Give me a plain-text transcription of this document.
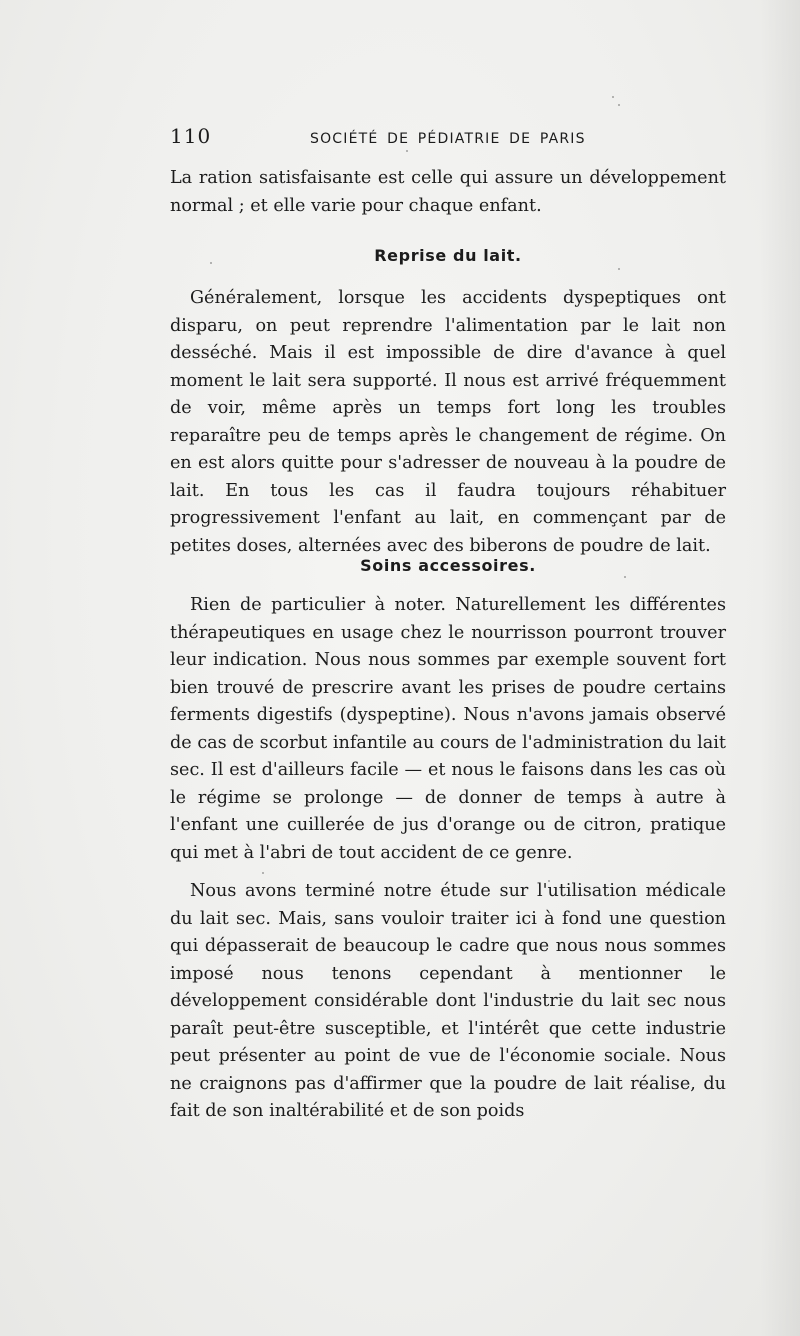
110	SOCIÉTÉ DE PÉDIATRIE DE PARIS

La ration satisfaisante est celle qui assure un développement normal ; et elle varie pour chaque enfant.

Reprise du lait.

Généralement, lorsque les accidents dyspeptiques ont disparu, on peut reprendre l'alimentation par le lait non desséché. Mais il est impossible de dire d'avance à quel moment le lait sera supporté. Il nous est arrivé fréquemment de voir, même après un temps fort long les troubles reparaître peu de temps après le changement de régime. On en est alors quitte pour s'adresser de nouveau à la poudre de lait. En tous les cas il faudra toujours réhabituer progressivement l'enfant au lait, en commençant par de petites doses, alternées avec des biberons de poudre de lait.

Soins accessoires.

Rien de particulier à noter. Naturellement les différentes thérapeutiques en usage chez le nourrisson pourront trouver leur indication. Nous nous sommes par exemple souvent fort bien trouvé de prescrire avant les prises de poudre certains ferments digestifs (dyspeptine). Nous n'avons jamais observé de cas de scorbut infantile au cours de l'administration du lait sec. Il est d'ailleurs facile — et nous le faisons dans les cas où le régime se prolonge — de donner de temps à autre à l'enfant une cuillerée de jus d'orange ou de citron, pratique qui met à l'abri de tout accident de ce genre.

Nous avons terminé notre étude sur l'utilisation médicale du lait sec. Mais, sans vouloir traiter ici à fond une question qui dépasserait de beaucoup le cadre que nous nous sommes imposé nous tenons cependant à mentionner le développement considérable dont l'industrie du lait sec nous paraît peut-être susceptible, et l'intérêt que cette industrie peut présenter au point de vue de l'économie sociale. Nous ne craignons pas d'affirmer que la poudre de lait réalise, du fait de son inaltérabilité et de son poids
